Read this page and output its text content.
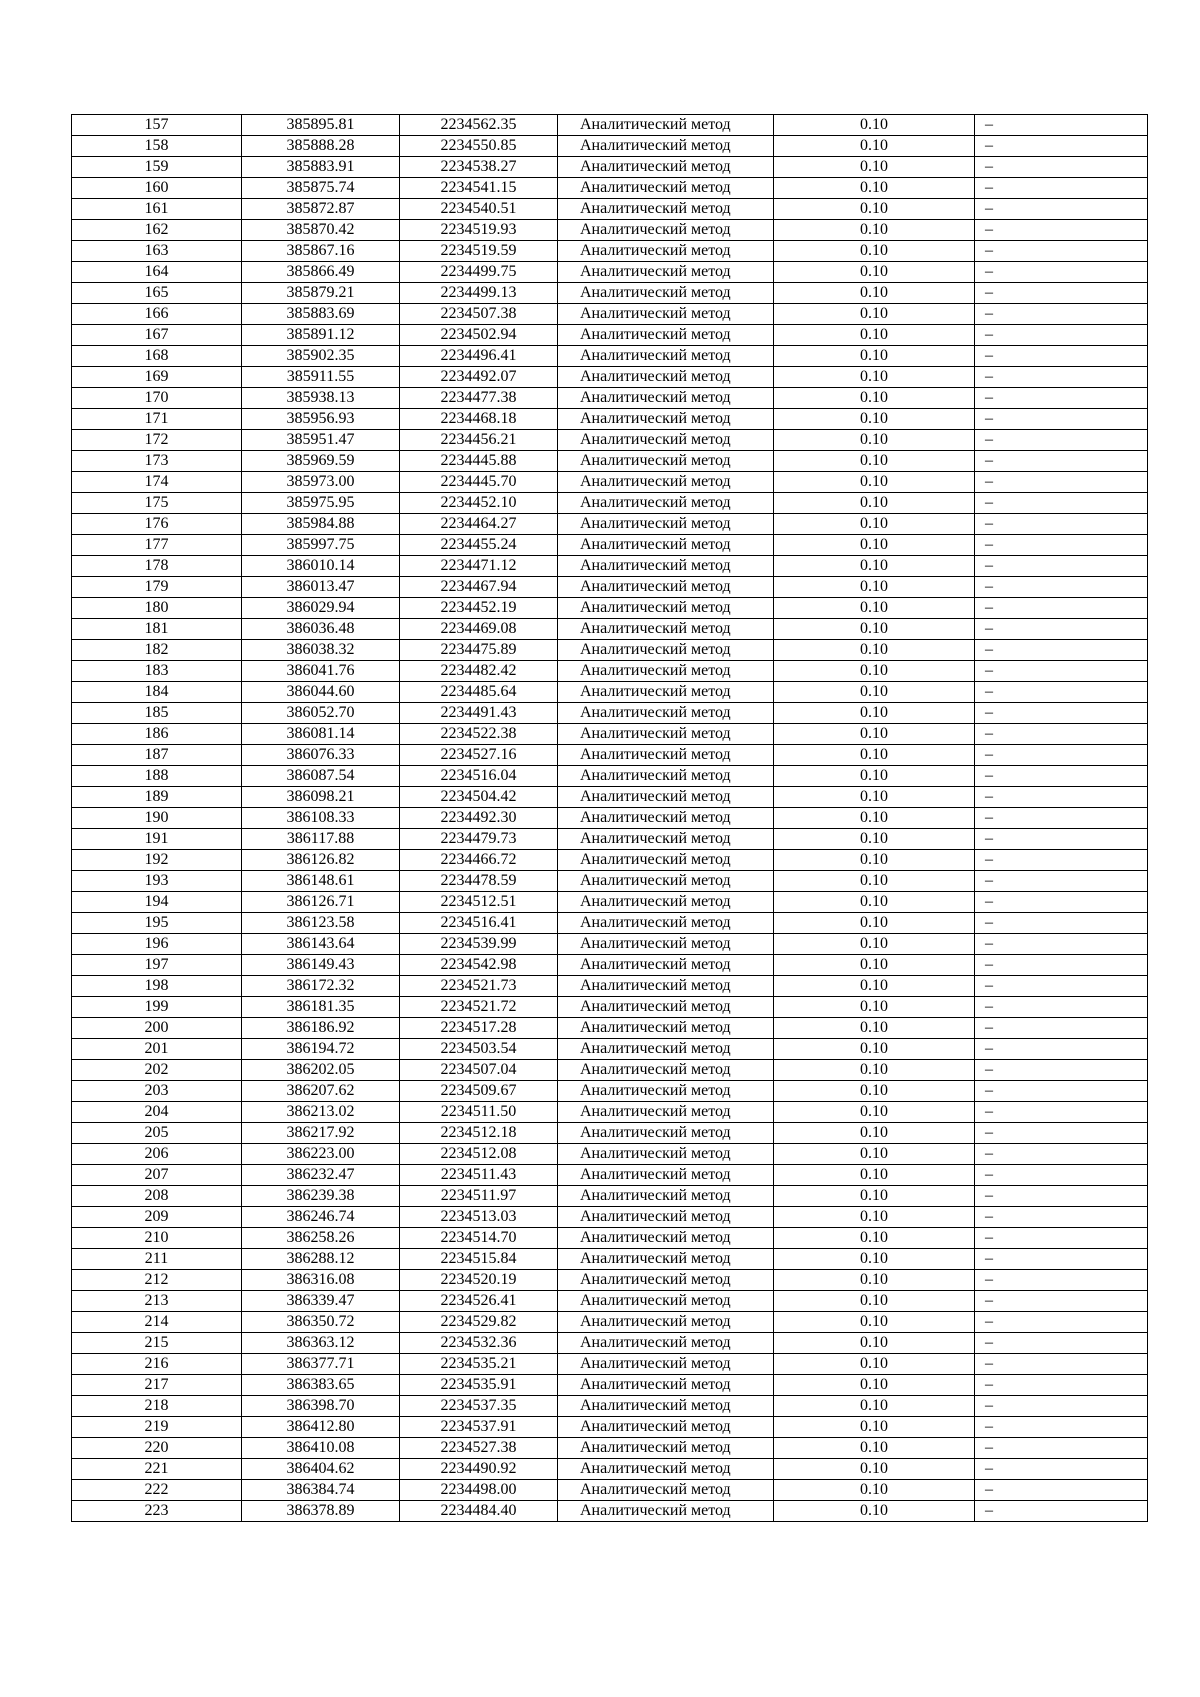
157	385895.81	2234562.35	Аналитический метод	0.10	–
158	385888.28	2234550.85	Аналитический метод	0.10	–
159	385883.91	2234538.27	Аналитический метод	0.10	–
160	385875.74	2234541.15	Аналитический метод	0.10	–
161	385872.87	2234540.51	Аналитический метод	0.10	–
162	385870.42	2234519.93	Аналитический метод	0.10	–
163	385867.16	2234519.59	Аналитический метод	0.10	–
164	385866.49	2234499.75	Аналитический метод	0.10	–
165	385879.21	2234499.13	Аналитический метод	0.10	–
166	385883.69	2234507.38	Аналитический метод	0.10	–
167	385891.12	2234502.94	Аналитический метод	0.10	–
168	385902.35	2234496.41	Аналитический метод	0.10	–
169	385911.55	2234492.07	Аналитический метод	0.10	–
170	385938.13	2234477.38	Аналитический метод	0.10	–
171	385956.93	2234468.18	Аналитический метод	0.10	–
172	385951.47	2234456.21	Аналитический метод	0.10	–
173	385969.59	2234445.88	Аналитический метод	0.10	–
174	385973.00	2234445.70	Аналитический метод	0.10	–
175	385975.95	2234452.10	Аналитический метод	0.10	–
176	385984.88	2234464.27	Аналитический метод	0.10	–
177	385997.75	2234455.24	Аналитический метод	0.10	–
178	386010.14	2234471.12	Аналитический метод	0.10	–
179	386013.47	2234467.94	Аналитический метод	0.10	–
180	386029.94	2234452.19	Аналитический метод	0.10	–
181	386036.48	2234469.08	Аналитический метод	0.10	–
182	386038.32	2234475.89	Аналитический метод	0.10	–
183	386041.76	2234482.42	Аналитический метод	0.10	–
184	386044.60	2234485.64	Аналитический метод	0.10	–
185	386052.70	2234491.43	Аналитический метод	0.10	–
186	386081.14	2234522.38	Аналитический метод	0.10	–
187	386076.33	2234527.16	Аналитический метод	0.10	–
188	386087.54	2234516.04	Аналитический метод	0.10	–
189	386098.21	2234504.42	Аналитический метод	0.10	–
190	386108.33	2234492.30	Аналитический метод	0.10	–
191	386117.88	2234479.73	Аналитический метод	0.10	–
192	386126.82	2234466.72	Аналитический метод	0.10	–
193	386148.61	2234478.59	Аналитический метод	0.10	–
194	386126.71	2234512.51	Аналитический метод	0.10	–
195	386123.58	2234516.41	Аналитический метод	0.10	–
196	386143.64	2234539.99	Аналитический метод	0.10	–
197	386149.43	2234542.98	Аналитический метод	0.10	–
198	386172.32	2234521.73	Аналитический метод	0.10	–
199	386181.35	2234521.72	Аналитический метод	0.10	–
200	386186.92	2234517.28	Аналитический метод	0.10	–
201	386194.72	2234503.54	Аналитический метод	0.10	–
202	386202.05	2234507.04	Аналитический метод	0.10	–
203	386207.62	2234509.67	Аналитический метод	0.10	–
204	386213.02	2234511.50	Аналитический метод	0.10	–
205	386217.92	2234512.18	Аналитический метод	0.10	–
206	386223.00	2234512.08	Аналитический метод	0.10	–
207	386232.47	2234511.43	Аналитический метод	0.10	–
208	386239.38	2234511.97	Аналитический метод	0.10	–
209	386246.74	2234513.03	Аналитический метод	0.10	–
210	386258.26	2234514.70	Аналитический метод	0.10	–
211	386288.12	2234515.84	Аналитический метод	0.10	–
212	386316.08	2234520.19	Аналитический метод	0.10	–
213	386339.47	2234526.41	Аналитический метод	0.10	–
214	386350.72	2234529.82	Аналитический метод	0.10	–
215	386363.12	2234532.36	Аналитический метод	0.10	–
216	386377.71	2234535.21	Аналитический метод	0.10	–
217	386383.65	2234535.91	Аналитический метод	0.10	–
218	386398.70	2234537.35	Аналитический метод	0.10	–
219	386412.80	2234537.91	Аналитический метод	0.10	–
220	386410.08	2234527.38	Аналитический метод	0.10	–
221	386404.62	2234490.92	Аналитический метод	0.10	–
222	386384.74	2234498.00	Аналитический метод	0.10	–
223	386378.89	2234484.40	Аналитический метод	0.10	–
